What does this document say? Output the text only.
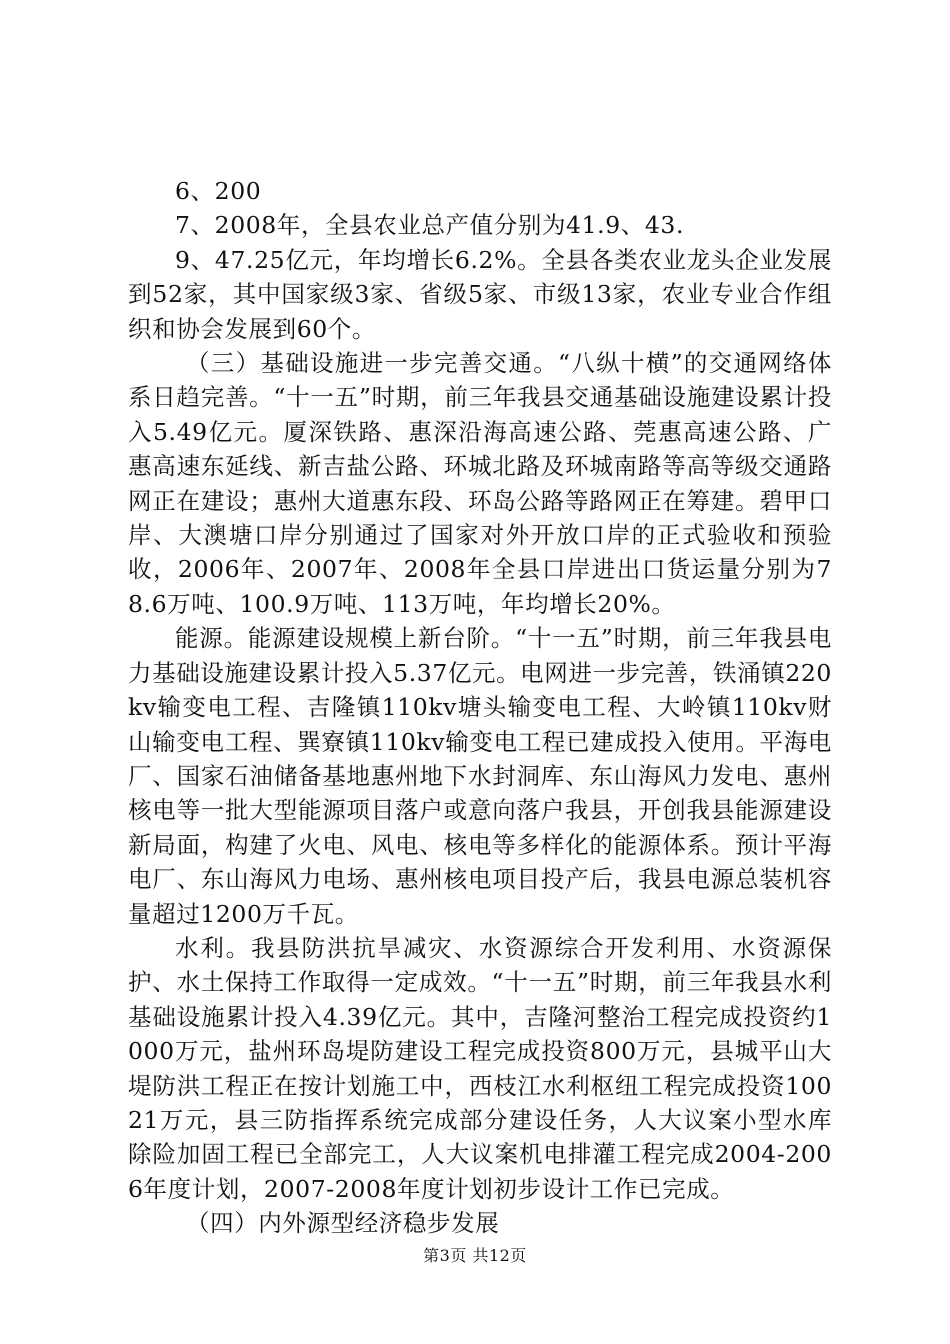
6、200

7、2008年，全县农业总产值分别为41.9、43.

9、47.25亿元，年均增长6.2%。全县各类农业龙头企业发展到52家，其中国家级3家、省级5家、市级13家，农业专业合作组织和协会发展到60个。

（三）基础设施进一步完善交通。“八纵十横”的交通网络体系日趋完善。“十一五”时期，前三年我县交通基础设施建设累计投入5.49亿元。厦深铁路、惠深沿海高速公路、莞惠高速公路、广惠高速东延线、新吉盐公路、环城北路及环城南路等高等级交通路网正在建设；惠州大道惠东段、环岛公路等路网正在筹建。碧甲口岸、大澳塘口岸分别通过了国家对外开放口岸的正式验收和预验收，2006年、2007年、2008年全县口岸进出口货运量分别为78.6万吨、100.9万吨、113万吨，年均增长20%。

能源。能源建设规模上新台阶。“十一五”时期，前三年我县电力基础设施建设累计投入5.37亿元。电网进一步完善，铁涌镇220kv输变电工程、吉隆镇110kv塘头输变电工程、大岭镇110kv财山输变电工程、巽寮镇110kv输变电工程已建成投入使用。平海电厂、国家石油储备基地惠州地下水封洞库、东山海风力发电、惠州核电等一批大型能源项目落户或意向落户我县，开创我县能源建设新局面，构建了火电、风电、核电等多样化的能源体系。预计平海电厂、东山海风力电场、惠州核电项目投产后，我县电源总装机容量超过1200万千瓦。

水利。我县防洪抗旱减灾、水资源综合开发利用、水资源保护、水土保持工作取得一定成效。“十一五”时期，前三年我县水利基础设施累计投入4.39亿元。其中，吉隆河整治工程完成投资约1000万元，盐州环岛堤防建设工程完成投资800万元，县城平山大堤防洪工程正在按计划施工中，西枝江水利枢纽工程完成投资10021万元，县三防指挥系统完成部分建设任务，人大议案小型水库除险加固工程已全部完工，人大议案机电排灌工程完成2004-2006年度计划，2007-2008年度计划初步设计工作已完成。

（四）内外源型经济稳步发展

第3页 共12页
